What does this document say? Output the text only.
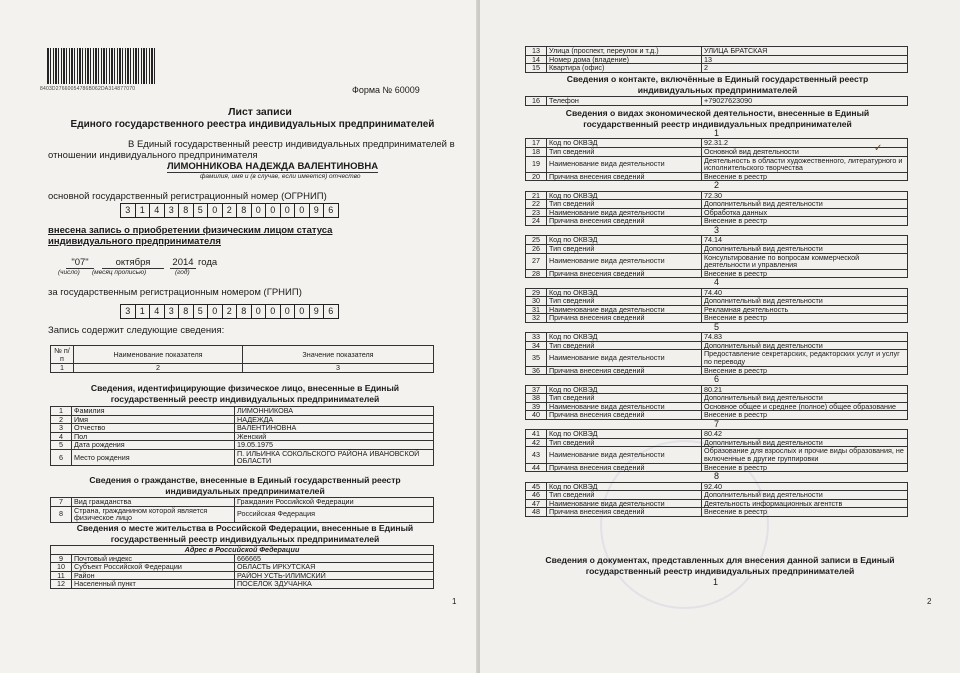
8403D27660054786B062DA314877070	Форма № 60009
Лист записи
Единого государственного реестра индивидуальных предпринимателей
В Единый государственный реестр индивидуальных предпринимателей в
отношении индивидуального предпринимателя
ЛИМОННИКОВА НАДЕЖДА ВАЛЕНТИНОВНА
фамилия, имя и (в случае, если имеется) отчество
основной государственный регистрационный номер (ОГРНИП)
3	1	4	3	8	5	0	2	8	0	0	0	0	9	6
внесена запись о приобретении физическим лицом статуса
индивидуального предпринимателя
"07"	октября	2014 года
(число) (месяц прописью)	(год)
за государственным регистрационным номером (ГРНИП)
3	1	4	3	8	5	0	2	8	0	0	0	0	9	6
Запись содержит следующие сведения:
№ п/п	Наименование показателя	Значение показателя
1	2	3
Сведения, идентифицирующие физическое лицо, внесенные в Единый государственный реестр индивидуальных предпринимателей
1	Фамилия	ЛИМОННИКОВА
2	Имя	НАДЕЖДА
3	Отчество	ВАЛЕНТИНОВНА
4	Пол	Женский
5	Дата рождения	19.05.1975
6	Место рождения	П. ИЛЬИНКА СОКОЛЬСКОГО РАЙОНА ИВАНОВСКОЙ ОБЛАСТИ
Сведения о гражданстве, внесенные в Единый государственный реестр индивидуальных предпринимателей
7	Вид гражданства	Гражданин Российской Федерации
8	Страна, гражданином которой является физическое лицо	Российская Федерация
Сведения о месте жительства в Российской Федерации, внесенные в Единый государственный реестр индивидуальных предпринимателей
Адрес в Российской Федерации		
9	Почтовый индекс	666665
10	Субъект Российской Федерации	ОБЛАСТЬ ИРКУТСКАЯ
11	Район	РАЙОН УСТЬ-ИЛИМСКИЙ
12	Населенный пункт	ПОСЕЛОК ЗДУЧАНКА
1
13	Улица (проспект, переулок и т.д.)	УЛИЦА БРАТСКАЯ
14	Номер дома (владение)	13
15	Квартира (офис)	2
Сведения о контакте, включённые в Единый государственный реестр индивидуальных предпринимателей
16	Телефон	+79027623090
Сведения о видах экономической деятельности, внесенные в Единый государственный реестр индивидуальных предпринимателей
1		
17	Код по ОКВЭД	92.31.2
18	Тип сведений	Основной вид деятельности
19	Наименование вида деятельности	Деятельность в области художественного, литературного и исполнительского творчества
20	Причина внесения сведений	Внесение в реестр
2		
21	Код по ОКВЭД	72.30
22	Тип сведений	Дополнительный вид деятельности
23	Наименование вида деятельности	Обработка данных
24	Причина внесения сведений	Внесение в реестр
3		
25	Код по ОКВЭД	74.14
26	Тип сведений	Дополнительный вид деятельности
27	Наименование вида деятельности	Консультирование по вопросам коммерческой деятельности и управления
28	Причина внесения сведений	Внесение в реестр
4		
29	Код по ОКВЭД	74.40
30	Тип сведений	Дополнительный вид деятельности
31	Наименование вида деятельности	Рекламная деятельность
32	Причина внесения сведений	Внесение в реестр
5		
33	Код по ОКВЭД	74.83
34	Тип сведений	Дополнительный вид деятельности
35	Наименование вида деятельности	Предоставление секретарских, редакторских услуг и услуг по переводу
36	Причина внесения сведений	Внесение в реестр
6		
37	Код по ОКВЭД	80.21
38	Тип сведений	Дополнительный вид деятельности
39	Наименование вида деятельности	Основное общее и среднее (полное) общее образование
40	Причина внесения сведений	Внесение в реестр
7		
41	Код по ОКВЭД	80.42
42	Тип сведений	Дополнительный вид деятельности
43	Наименование вида деятельности	Образование для взрослых и прочие виды образования, не включенные в другие группировки
44	Причина внесения сведений	Внесение в реестр
8		
45	Код по ОКВЭД	92.40
46	Тип сведений	Дополнительный вид деятельности
47	Наименование вида деятельности	Деятельность информационных агентств
48	Причина внесения сведений	Внесение в реестр
Сведения о документах, представленных для внесения данной записи в Единый государственный реестр индивидуальных предпринимателей
1
2
✓
